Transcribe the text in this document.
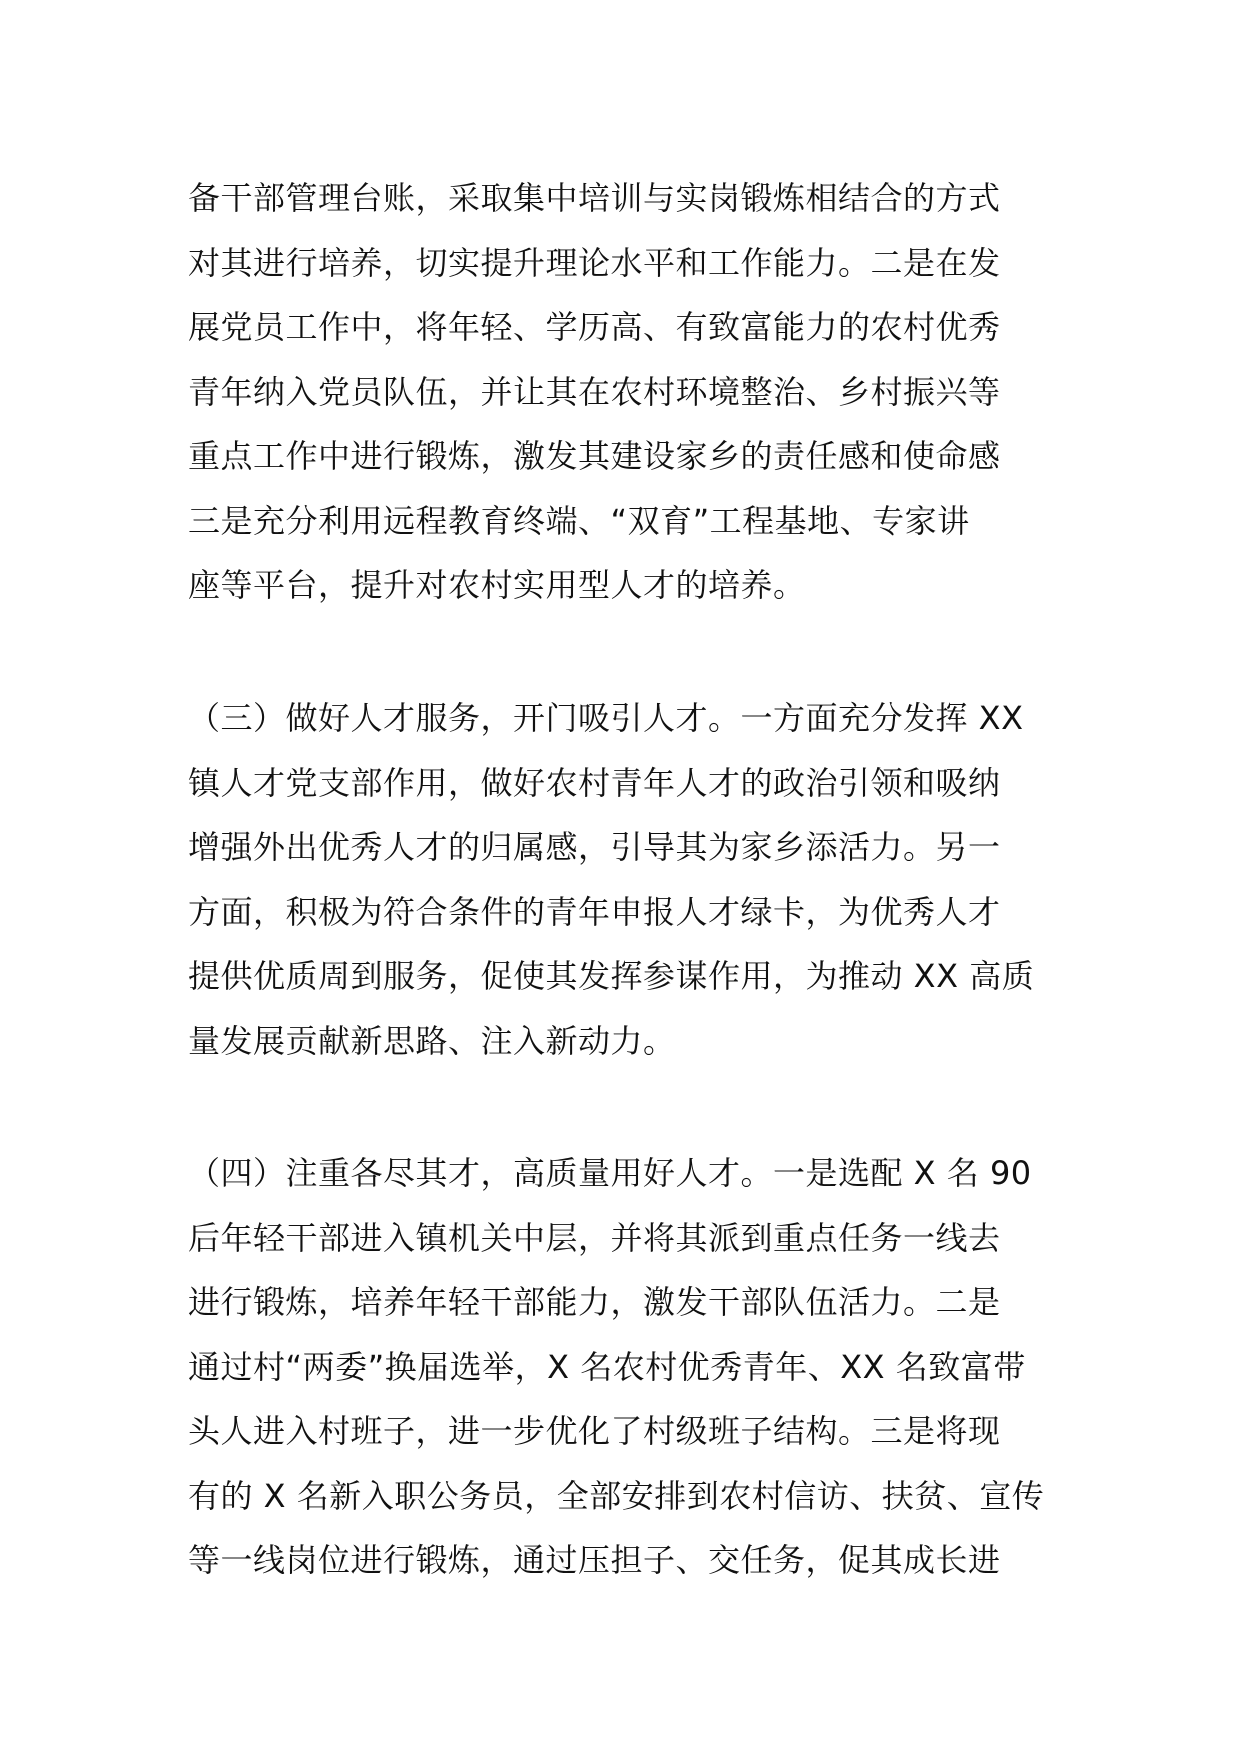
备干部管理台账，采取集中培训与实岗锻炼相结合的方式
对其进行培养，切实提升理论水平和工作能力。二是在发
展党员工作中，将年轻、学历高、有致富能力的农村优秀
青年纳入党员队伍，并让其在农村环境整治、乡村振兴等
重点工作中进行锻炼，激发其建设家乡的责任感和使命感
三是充分利用远程教育终端、“双育”工程基地、专家讲
座等平台，提升对农村实用型人才的培养。
（三）做好人才服务，开门吸引人才。一方面充分发挥 XX
镇人才党支部作用，做好农村青年人才的政治引领和吸纳
增强外出优秀人才的归属感，引导其为家乡添活力。另一
方面，积极为符合条件的青年申报人才绿卡，为优秀人才
提供优质周到服务，促使其发挥参谋作用，为推动 XX 高质
量发展贡献新思路、注入新动力。
（四）注重各尽其才，高质量用好人才。一是选配 X 名 90
后年轻干部进入镇机关中层，并将其派到重点任务一线去
进行锻炼，培养年轻干部能力，激发干部队伍活力。二是
通过村“两委”换届选举，X 名农村优秀青年、XX 名致富带
头人进入村班子，进一步优化了村级班子结构。三是将现
有的 X 名新入职公务员，全部安排到农村信访、扶贫、宣传
等一线岗位进行锻炼，通过压担子、交任务，促其成长进
